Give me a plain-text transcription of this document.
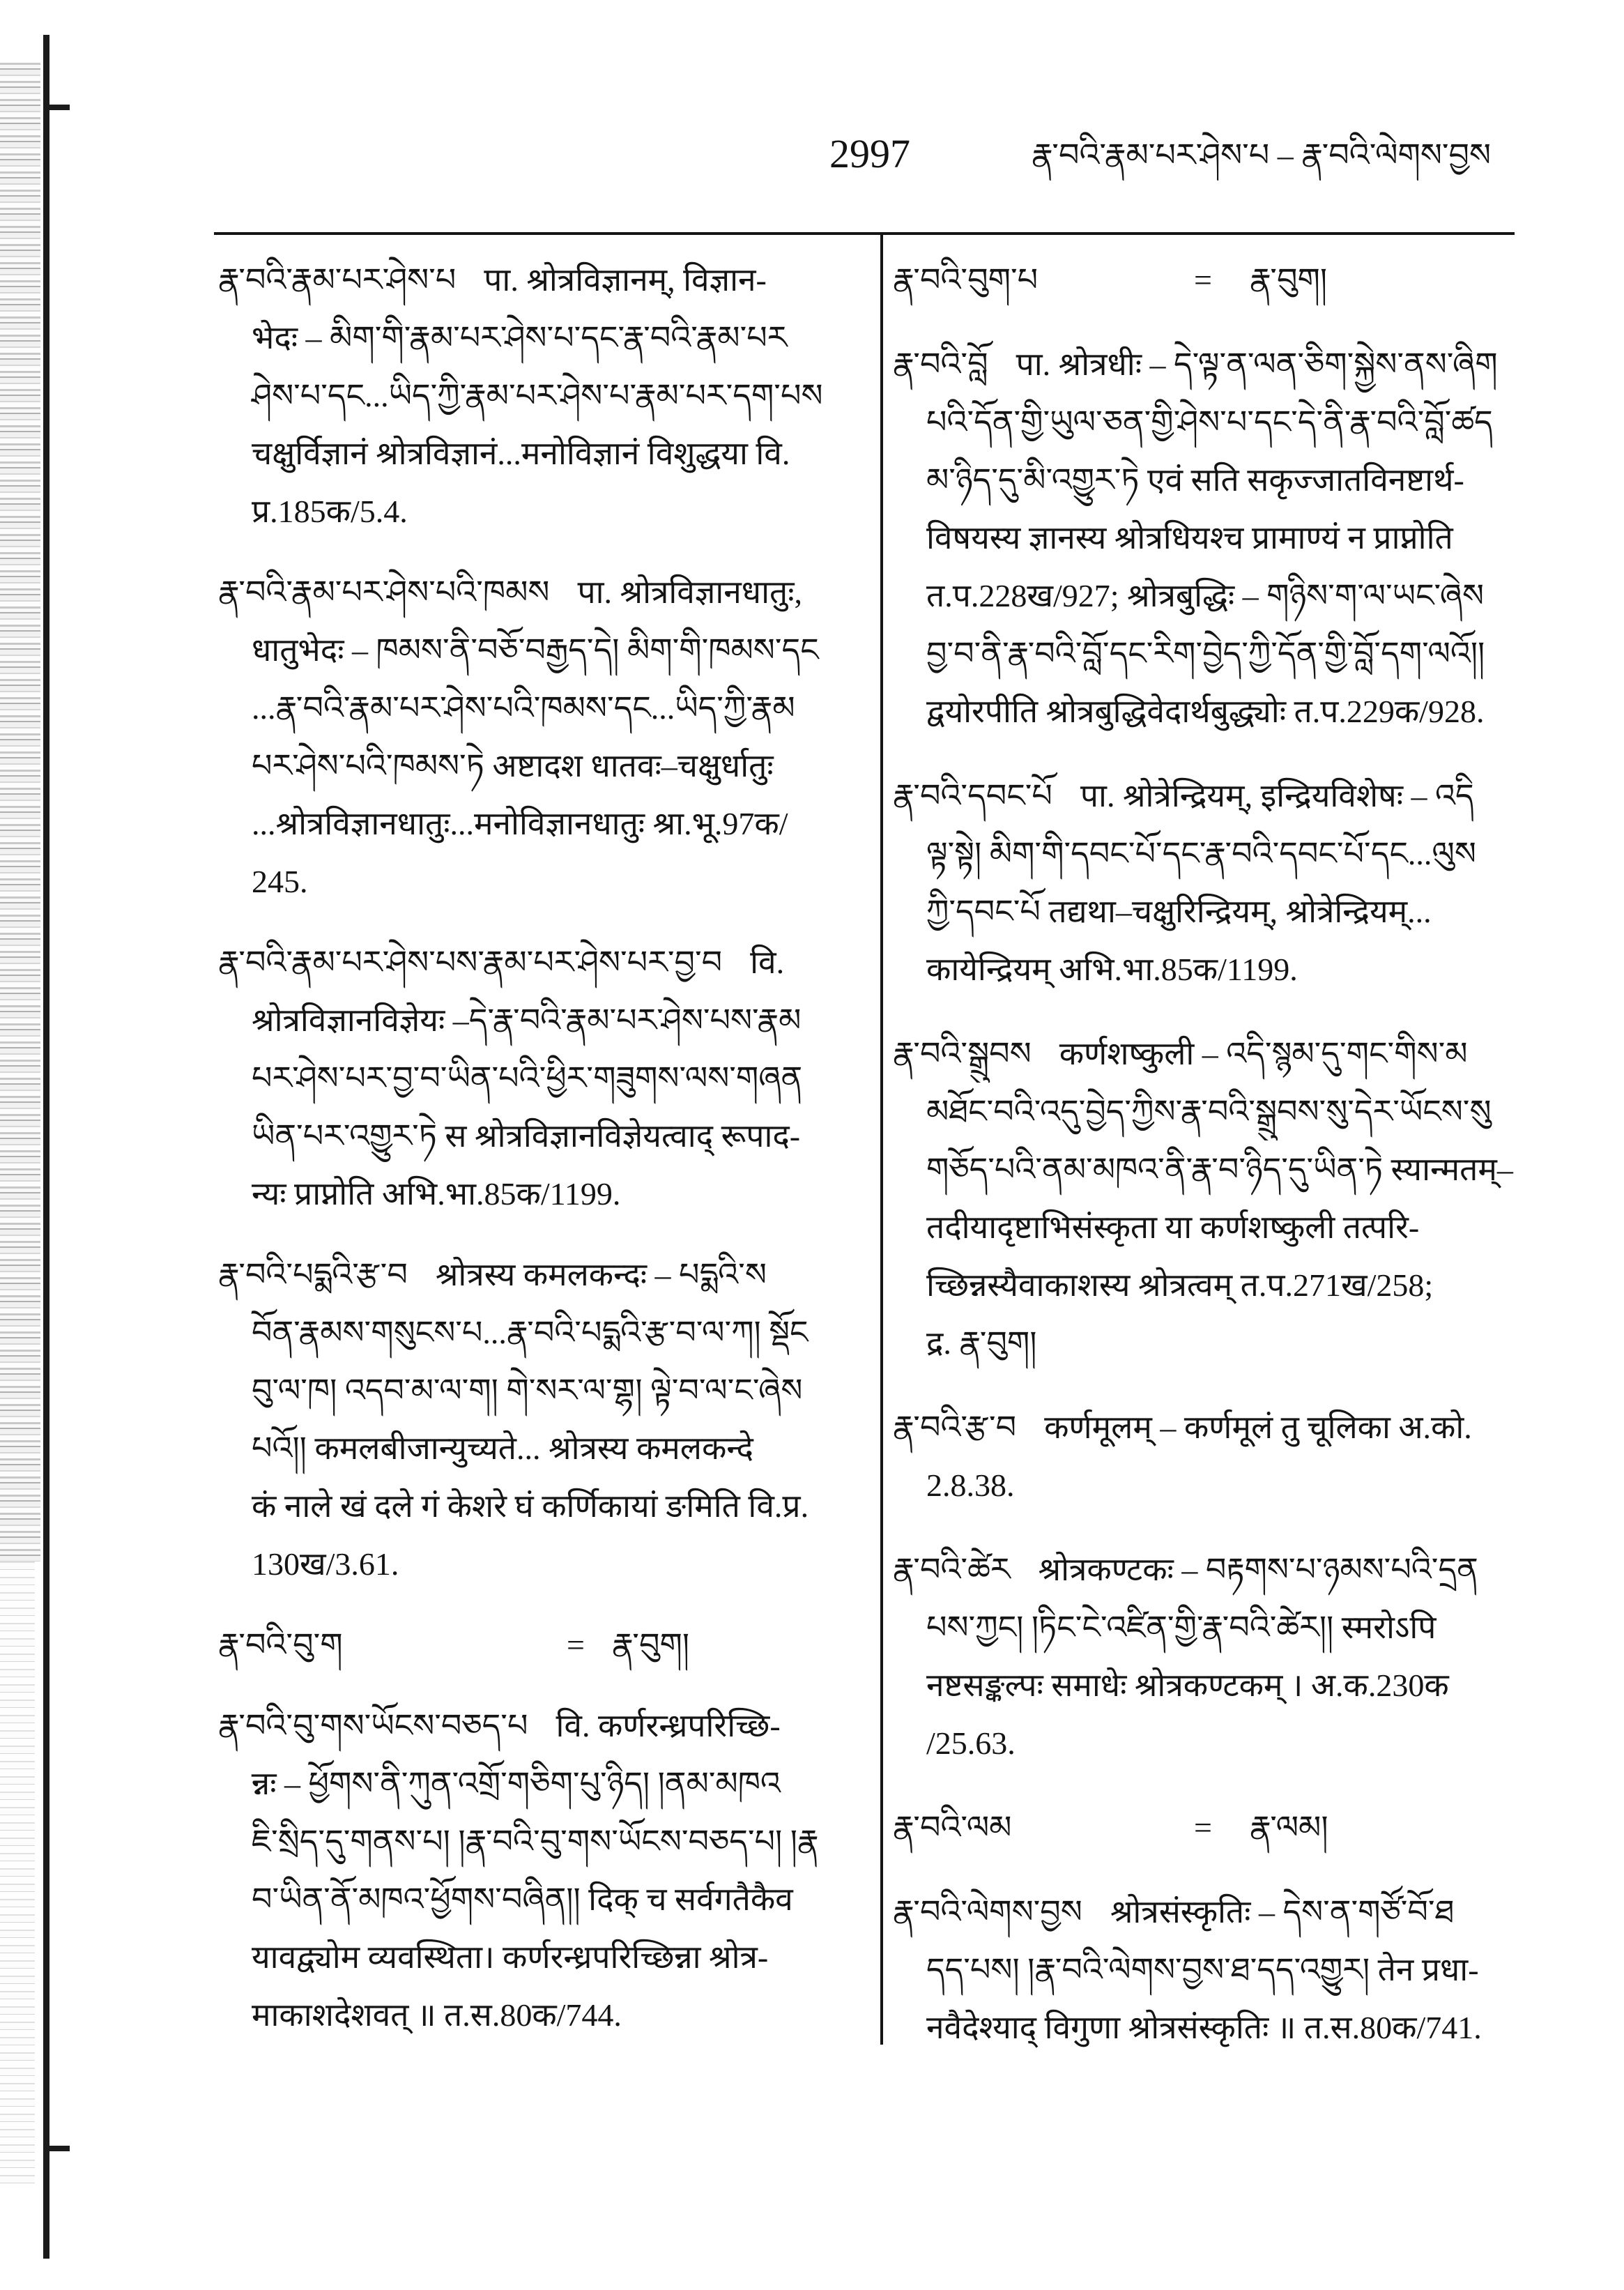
2997	རྣ་བའི་རྣམ་པར་ཤེས་པ – རྣ་བའི་ལེགས་བྱས
རྣ་བའི་རྣམ་པར་ཤེས་པ पा. श्रोत्रविज्ञानम्, विज्ञान-
भेदः – མིག་གི་རྣམ་པར་ཤེས་པ་དང་རྣ་བའི་རྣམ་པར
ཤེས་པ་དང...ཡིད་ཀྱི་རྣམ་པར་ཤེས་པ་རྣམ་པར་དག་པས
चक्षुर्विज्ञानं श्रोत्रविज्ञानं...मनोविज्ञानं विशुद्धया वि.
प्र.185क/5.4.
རྣ་བའི་རྣམ་པར་ཤེས་པའི་ཁམས पा. श्रोत्रविज्ञानधातुः,
धातुभेदः – ཁམས་ནི་བཅོ་བརྒྱད་དེ། མིག་གི་ཁམས་དང
...རྣ་བའི་རྣམ་པར་ཤེས་པའི་ཁམས་དང...ཡིད་ཀྱི་རྣམ
པར་ཤེས་པའི་ཁམས་ཏེ अष्टादश धातवः–चक्षुर्धातुः
...श्रोत्रविज्ञानधातुः...मनोविज्ञानधातुः श्रा.भू.97क/
245.
རྣ་བའི་རྣམ་པར་ཤེས་པས་རྣམ་པར་ཤེས་པར་བྱ་བ वि.
श्रोत्रविज्ञानविज्ञेयः –དེ་རྣ་བའི་རྣམ་པར་ཤེས་པས་རྣམ
པར་ཤེས་པར་བྱ་བ་ཡིན་པའི་ཕྱིར་གཟུགས་ལས་གཞན
ཡིན་པར་འགྱུར་ཏེ स श्रोत्रविज्ञानविज्ञेयत्वाद् रूपाद-
न्यः प्राप्नोति अभि.भा.85क/1199.
རྣ་བའི་པདྨའི་རྩ་བ श्रोत्रस्य कमलकन्दः – པདྨའི་ས
བོན་རྣམས་གསུངས་པ...རྣ་བའི་པདྨའི་རྩ་བ་ལ་ཀ། སྡོང
བུ་ལ་ཁ། འདབ་མ་ལ་ག། གེ་སར་ལ་གྷ། ལྟེ་བ་ལ་ང་ཞེས
པའོ།། कमलबीजान्युच्यते... श्रोत्रस्य कमलकन्दे
कं नाले खं दले गं केशरे घं कर्णिकायां ङमिति वि.प्र.
130ख/3.61.
རྣ་བའི་བུ་ག	= རྣ་བུག།
རྣ་བའི་བུ་གས་ཡོངས་བཅད་པ वि. कर्णरन्ध्रपरिच्छि-
न्नः – ཕྱོགས་ནི་ཀུན་འགྲོ་གཅིག་པུ་ཉིད། །ནམ་མཁའ
ཇི་སྲིད་དུ་གནས་པ། །རྣ་བའི་བུ་གས་ཡོངས་བཅད་པ། །རྣ
བ་ཡིན་ནོ་མཁའ་ཕྱོགས་བཞིན།། दिक् च सर्वगतैकैव
यावद्व्योम व्यवस्थिता। कर्णरन्ध्रपरिच्छिन्ना श्रोत्र-
माकाशदेशवत् ॥ त.स.80क/744.
རྣ་བའི་བུག་པ	= རྣ་བུག།
རྣ་བའི་བློ पा. श्रोत्रधीः – དེ་ལྟ་ན་ལན་ཅིག་སྐྱེས་ནས་ཞིག
པའི་དོན་གྱི་ཡུལ་ཅན་གྱི་ཤེས་པ་དང་དེ་ནི་རྣ་བའི་བློ་ཚད
མ་ཉིད་དུ་མི་འགྱུར་ཏེ एवं सति सकृज्जातविनष्टार्थ-
विषयस्य ज्ञानस्य श्रोत्रधियश्च प्रामाण्यं न प्राप्नोति
त.प.228ख/927; श्रोत्रबुद्धिः – གཉིས་ག་ལ་ཡང་ཞེས
བྱ་བ་ནི་རྣ་བའི་བློ་དང་རིག་བྱེད་ཀྱི་དོན་གྱི་བློ་དག་ལའོ།།
द्वयोरपीति श्रोत्रबुद्धिवेदार्थबुद्ध्योः त.प.229क/928.
རྣ་བའི་དབང་པོ पा. श्रोत्रेन्द्रियम्, इन्द्रियविशेषः – འདི
ལྟ་སྟེ། མིག་གི་དབང་པོ་དང་རྣ་བའི་དབང་པོ་དང...ལུས
ཀྱི་དབང་པོ तद्यथा–चक्षुरिन्द्रियम्, श्रोत्रेन्द्रियम्...
कायेन्द्रियम् अभि.भा.85क/1199.
རྣ་བའི་སྒྲུབས कर्णशष्कुली – འདི་སྙམ་དུ་གང་གིས་མ
མཐོང་བའི་འདུ་བྱེད་ཀྱིས་རྣ་བའི་སྒྲུབས་སུ་དེར་ཡོངས་སུ
གཅོད་པའི་ནམ་མཁའ་ནི་རྣ་བ་ཉིད་དུ་ཡིན་ཏེ स्यान्मतम्–
तदीयादृष्टाभिसंस्कृता या कर्णशष्कुली तत्परि-
च्छिन्नस्यैवाकाशस्य श्रोत्रत्वम् त.प.271ख/258;
द्र. རྣ་བུག།
རྣ་བའི་རྩ་བ कर्णमूलम् – कर्णमूलं तु चूलिका अ.को.
2.8.38.
རྣ་བའི་ཚེར श्रोत्रकण्टकः – བརྟགས་པ་ཉམས་པའི་དྲན
པས་ཀྱང། །ཏིང་ངེ་འཛིན་གྱི་རྣ་བའི་ཚེར།། स्मरोऽपि
नष्टसङ्कल्पः समाधेः श्रोत्रकण्टकम् । अ.क.230क
/25.63.
རྣ་བའི་ལམ	= རྣ་ལམ།
རྣ་བའི་ལེགས་བྱས श्रोत्रसंस्कृतिः – དེས་ན་གཙོ་བོ་ཐ
དད་པས། །རྣ་བའི་ལེགས་བྱས་ཐ་དད་འགྱུར། तेन प्रधा-
नवैदेश्याद् विगुणा श्रोत्रसंस्कृतिः ॥ त.स.80क/741.
